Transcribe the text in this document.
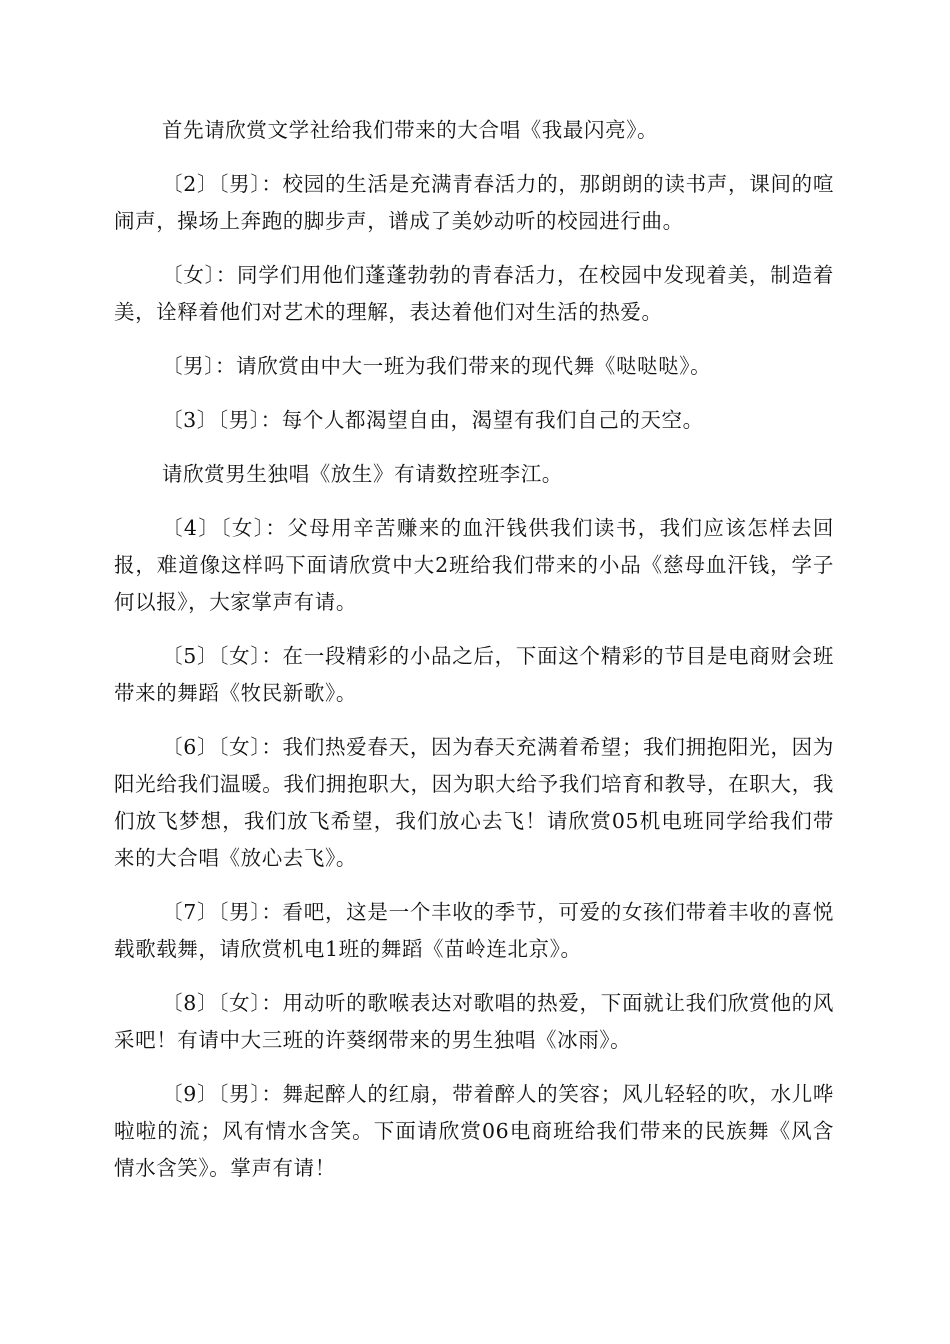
首先请欣赏文学社给我们带来的大合唱《我最闪亮》。

〔2〕〔男〕：校园的生活是充满青春活力的，那朗朗的读书声，课间的喧闹声，操场上奔跑的脚步声，谱成了美妙动听的校园进行曲。

〔女〕：同学们用他们蓬蓬勃勃的青春活力，在校园中发现着美，制造着美，诠释着他们对艺术的理解，表达着他们对生活的热爱。

〔男〕：请欣赏由中大一班为我们带来的现代舞《哒哒哒》。

〔3〕〔男〕：每个人都渴望自由，渴望有我们自己的天空。

请欣赏男生独唱《放生》有请数控班李江。

〔4〕〔女〕：父母用辛苦赚来的血汗钱供我们读书，我们应该怎样去回报，难道像这样吗下面请欣赏中大2班给我们带来的小品《慈母血汗钱，学子何以报》，大家掌声有请。

〔5〕〔女〕：在一段精彩的小品之后，下面这个精彩的节目是电商财会班带来的舞蹈《牧民新歌》。

〔6〕〔女〕：我们热爱春天，因为春天充满着希望；我们拥抱阳光，因为阳光给我们温暖。我们拥抱职大，因为职大给予我们培育和教导，在职大，我们放飞梦想，我们放飞希望，我们放心去飞！请欣赏05机电班同学给我们带来的大合唱《放心去飞》。

〔7〕〔男〕：看吧，这是一个丰收的季节，可爱的女孩们带着丰收的喜悦载歌载舞，请欣赏机电1班的舞蹈《苗岭连北京》。

〔8〕〔女〕：用动听的歌喉表达对歌唱的热爱，下面就让我们欣赏他的风采吧！有请中大三班的许葵纲带来的男生独唱《冰雨》。

〔9〕〔男〕：舞起醉人的红扇，带着醉人的笑容；风儿轻轻的吹，水儿哗啦啦的流；风有情水含笑。下面请欣赏06电商班给我们带来的民族舞《风含情水含笑》。掌声有请！
